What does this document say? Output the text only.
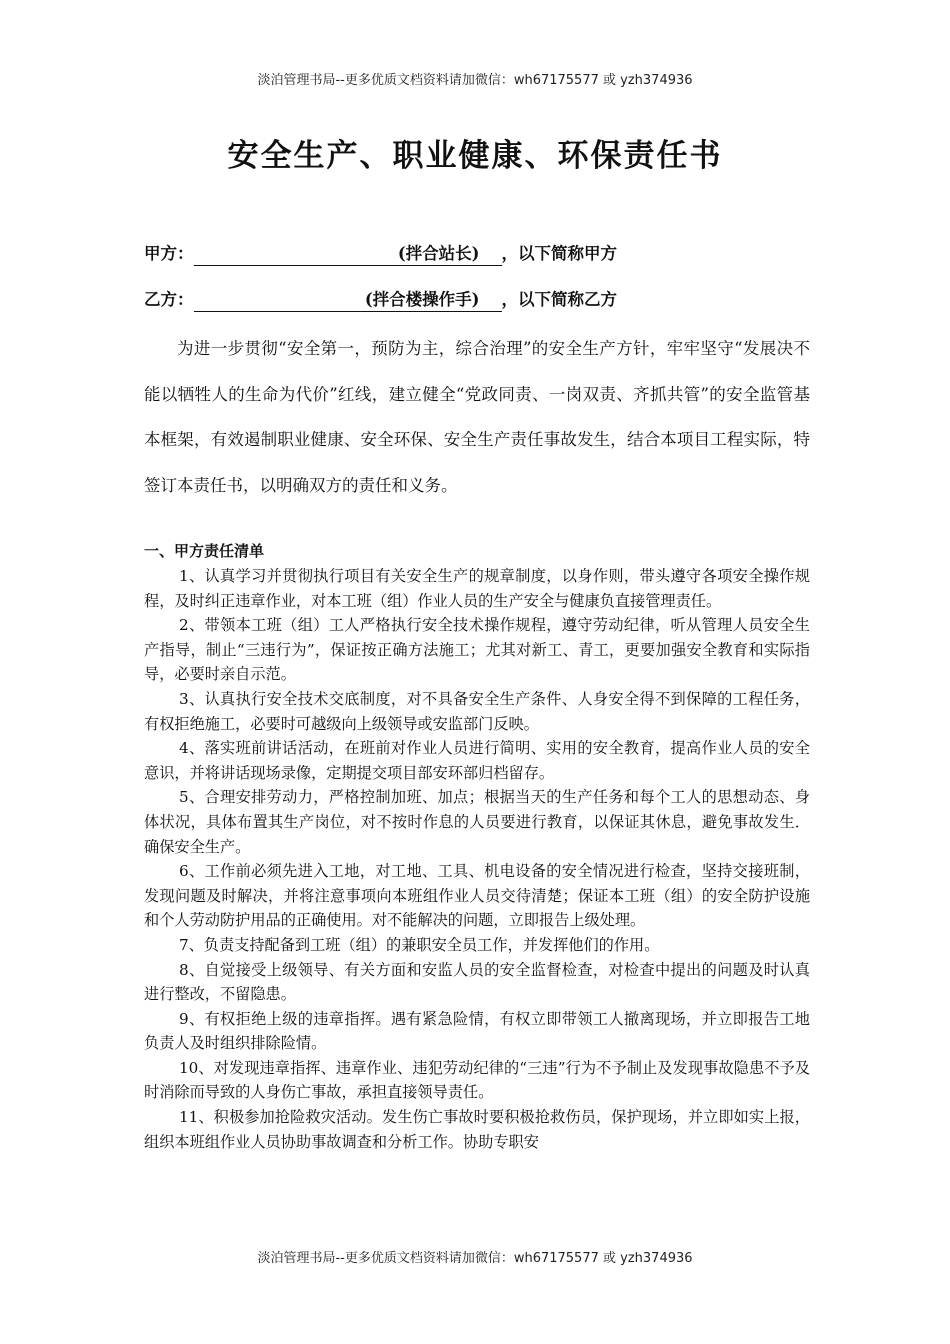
淡泊管理书局--更多优质文档资料请加微信：wh67175577 或 yzh374936
安全生产、职业健康、环保责任书
甲方：	(拌合站长) ，以下简称甲方
乙方：	(拌合楼操作手) ，以下简称乙方
为进一步贯彻“安全第一，预防为主，综合治理”的安全生产方针，牢牢坚守“发展决不能以牺牲人的生命为代价”红线，建立健全“党政同责、一岗双责、齐抓共管”的安全监管基本框架，有效遏制职业健康、安全环保、安全生产责任事故发生，结合本项目工程实际，特签订本责任书，以明确双方的责任和义务。
一、甲方责任清单

1、认真学习并贯彻执行项目有关安全生产的规章制度，以身作则，带头遵守各项安全操作规程，及时纠正违章作业，对本工班（组）作业人员的生产安全与健康负直接管理责任。

2、带领本工班（组）工人严格执行安全技术操作规程，遵守劳动纪律，听从管理人员安全生产指导，制止“三违行为”，保证按正确方法施工；尤其对新工、青工，更要加强安全教育和实际指导，必要时亲自示范。

3、认真执行安全技术交底制度，对不具备安全生产条件、人身安全得不到保障的工程任务，有权拒绝施工，必要时可越级向上级领导或安监部门反映。

4、落实班前讲话活动，在班前对作业人员进行简明、实用的安全教育，提高作业人员的安全意识，并将讲话现场录像，定期提交项目部安环部归档留存。

5、合理安排劳动力，严格控制加班、加点；根据当天的生产任务和每个工人的思想动态、身体状况，具体布置其生产岗位，对不按时作息的人员要进行教育，以保证其休息，避免事故发生．确保安全生产。

6、工作前必须先进入工地，对工地、工具、机电设备的安全情况进行检查，坚持交接班制，发现问题及时解决，并将注意事项向本班组作业人员交待清楚；保证本工班（组）的安全防护设施和个人劳动防护用品的正确使用。对不能解决的问题，立即报告上级处理。

7、负责支持配备到工班（组）的兼职安全员工作，并发挥他们的作用。

8、自觉接受上级领导、有关方面和安监人员的安全监督检查，对检查中提出的问题及时认真进行整改，不留隐患。

9、有权拒绝上级的违章指挥。遇有紧急险情，有权立即带领工人撤离现场，并立即报告工地负责人及时组织排除险情。

10、对发现违章指挥、违章作业、违犯劳动纪律的“三违”行为不予制止及发现事故隐患不予及时消除而导致的人身伤亡事故，承担直接领导责任。

11、积极参加抢险救灾活动。发生伤亡事故时要积极抢救伤员，保护现场，并立即如实上报，组织本班组作业人员协助事故调查和分析工作。协助专职安

淡泊管理书局--更多优质文档资料请加微信：wh67175577 或 yzh374936
